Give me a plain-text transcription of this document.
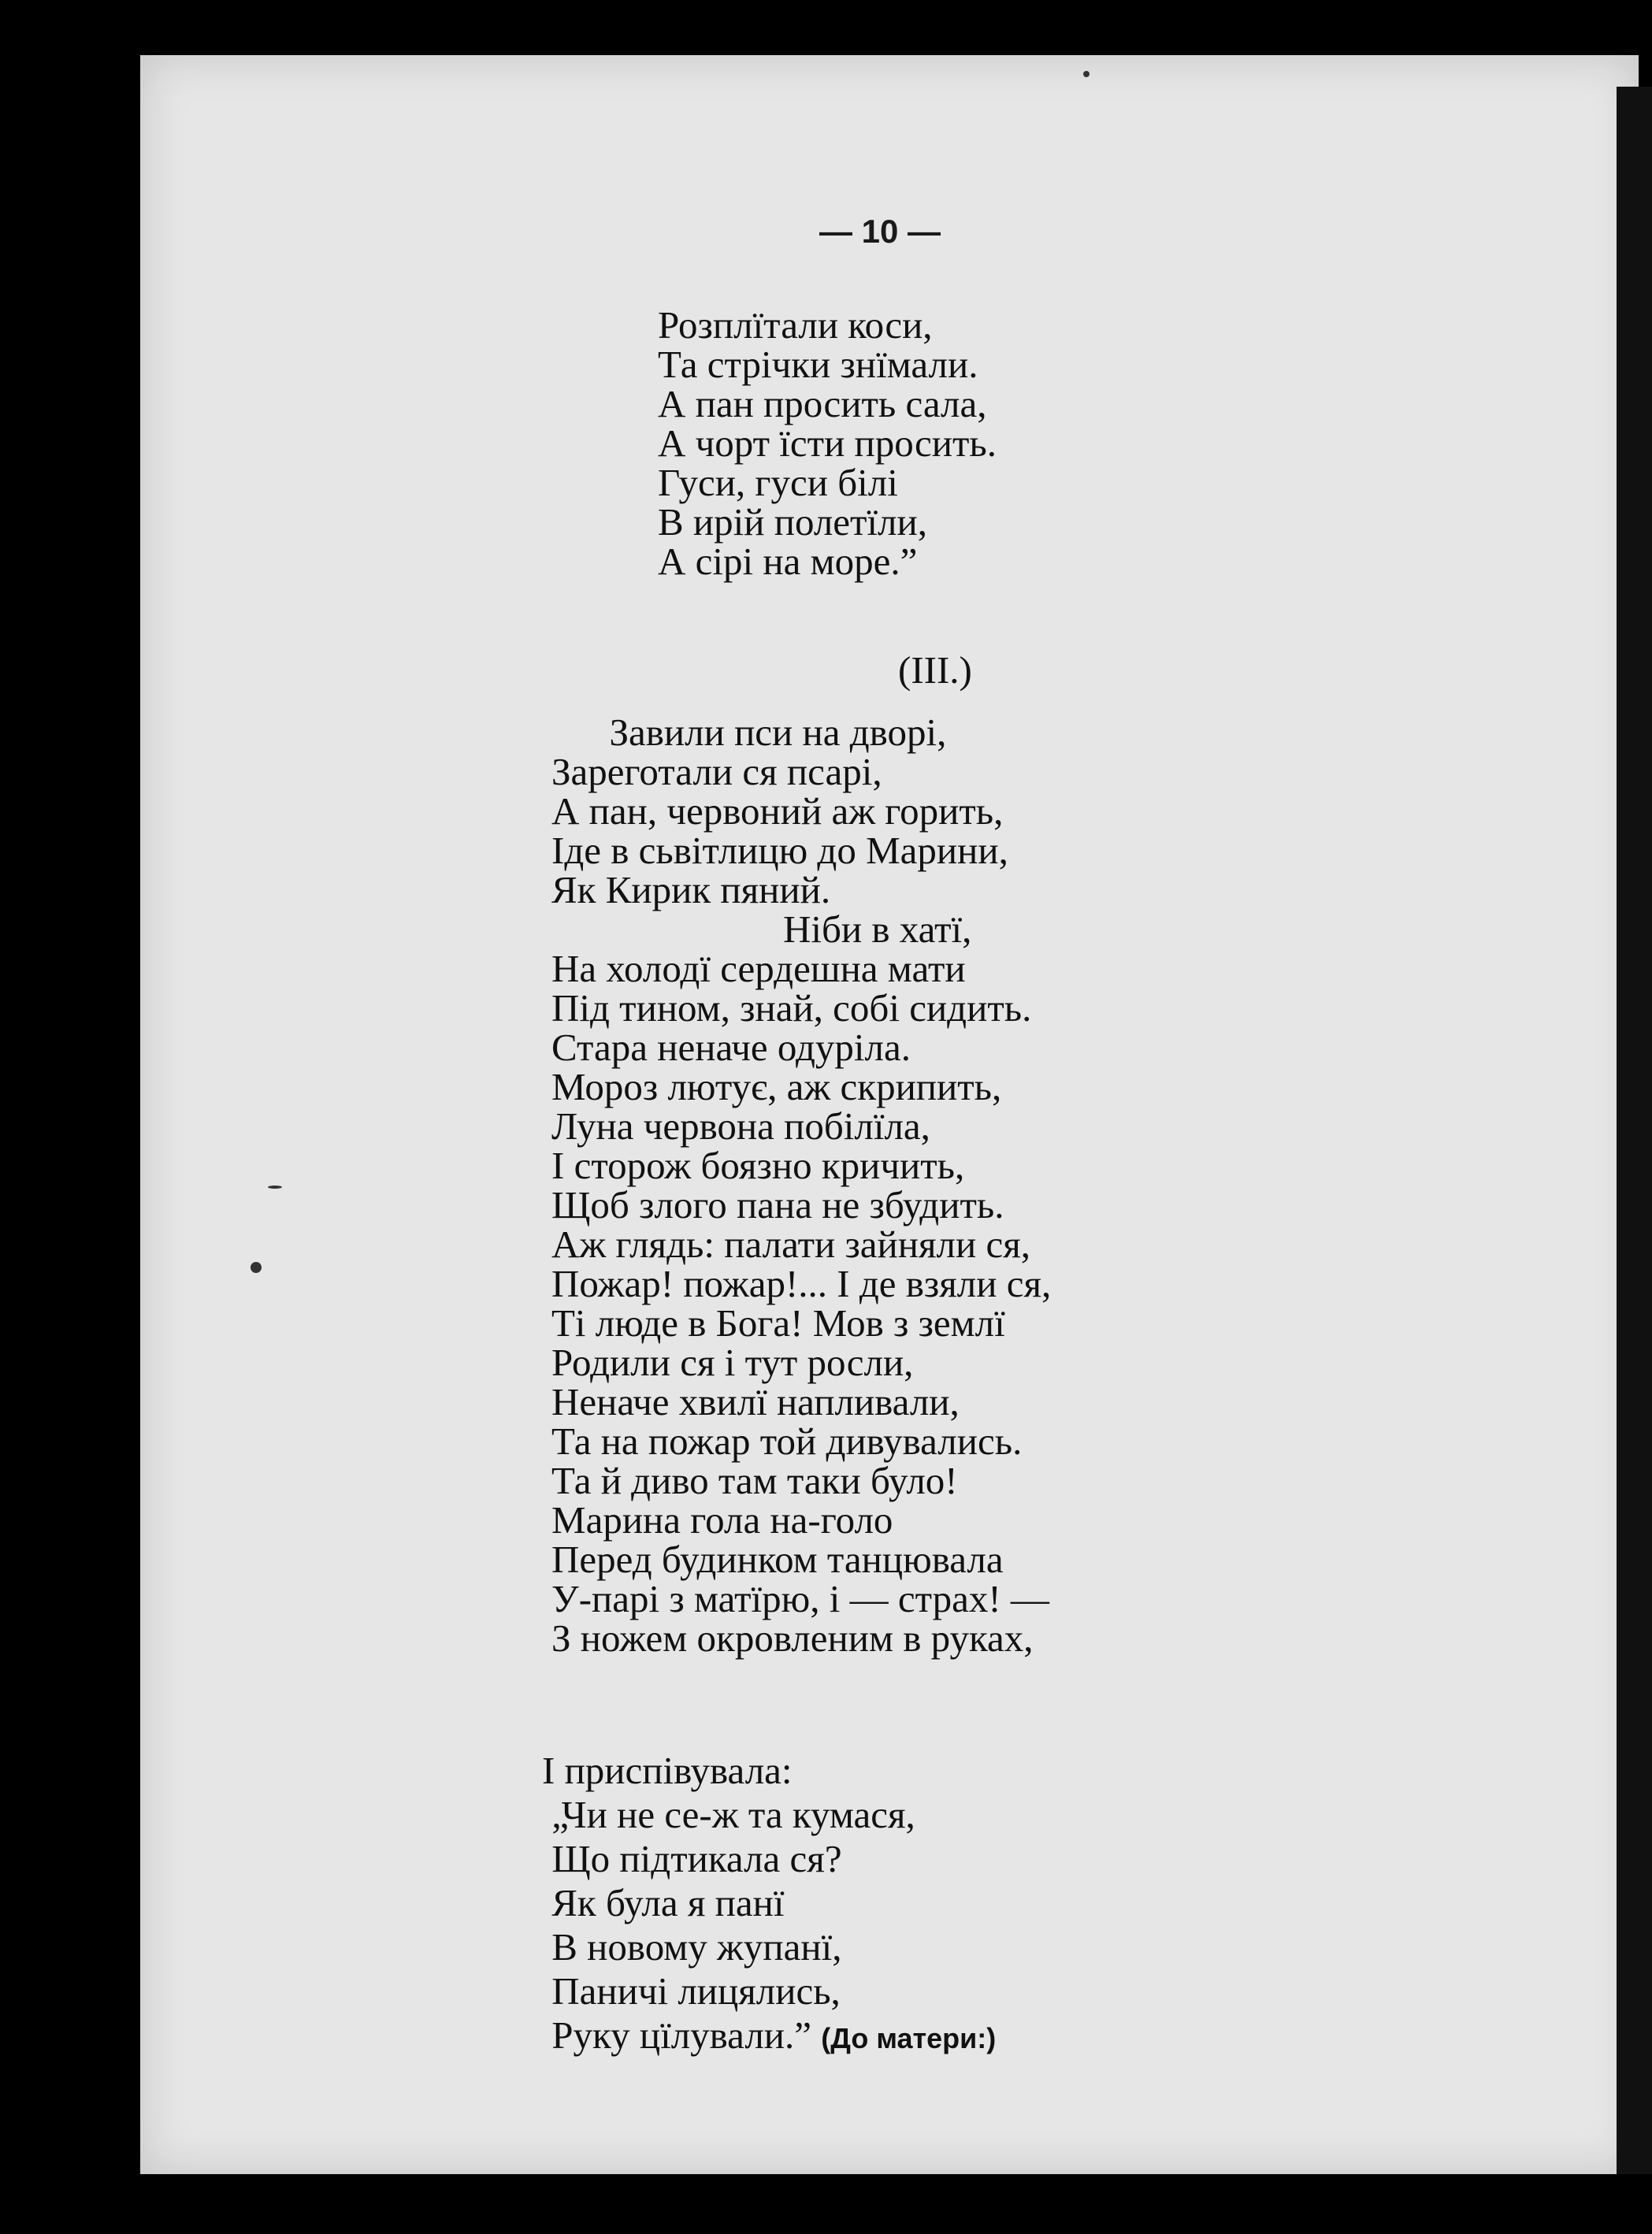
— 10 —
Розплїтали коси,
Та стрічки знїмали.
А пан просить сала,
А чорт їсти просить.
Гуси, гуси білі
В ирій полетїли,
А сірі на море.”
(III.)
Завили пси на дворі,
Зареготали ся псарі,
А пан, червоний аж горить,
Іде в сьвітлицю до Марини,
Як Кирик пяний.
Ніби в хатї,
На холодї сердешна мати
Під тином, знай, собі сидить.
Стара неначе одуріла.
Мороз лютує, аж скрипить,
Луна червона побілїла,
І сторож боязно кричить,
Щоб злого пана не збудить.
Аж глядь: палати зайняли ся,
Пожар! пожар!... І де взяли ся,
Ті люде в Бога! Мов з землї
Родили ся і тут росли,
Неначе хвилї напливали,
Та на пожар той дивувались.
Та й диво там таки було!
Марина гола на-голо
Перед будинком танцювала
У-парі з матїрю, і — страх! —
З ножем окровленим в руках,
І приспівувала:
„Чи не се-ж та кумася,
Що підтикала ся?
Як була я панї
В новому жупанї,
Паничі лицялись,
Руку цїлували.” (До матери:)
